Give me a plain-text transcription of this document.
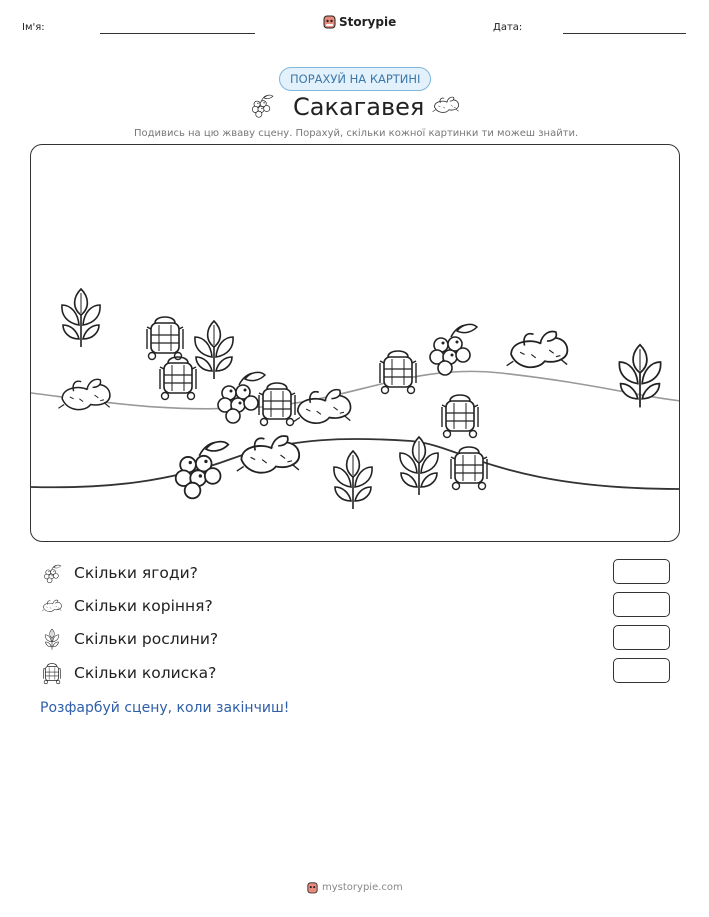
Ім'я:	Storypie	Дата:
ПОРАХУЙ НА КАРТИНІ
Сакагавея
Подивись на цю жваву сцену. Порахуй, скільки кожної картинки ти можеш знайти.
Скільки ягоди?
Скільки коріння?
Скільки рослини?
Скільки колиска?
Розфарбуй сцену, коли закінчиш!
mystorypie.com
